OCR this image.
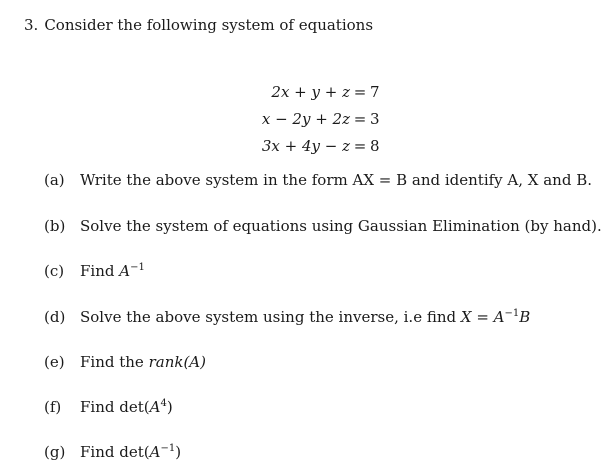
3. Consider the following system of equations
2x + y + z = 7
x − 2y + 2z = 3
3x + 4y − z = 8
(a) Write the above system in the form AX = B and identify A, X and B.
(b) Solve the system of equations using Gaussian Elimination (by hand).
(c) Find $A^{-1}$
(d) Solve the above system using the inverse, i.e find $X = A^{-1}B$
(e) Find the rank(A)
(f) Find $\det(A^4)$
(g) Find $\det(A^{-1})$
